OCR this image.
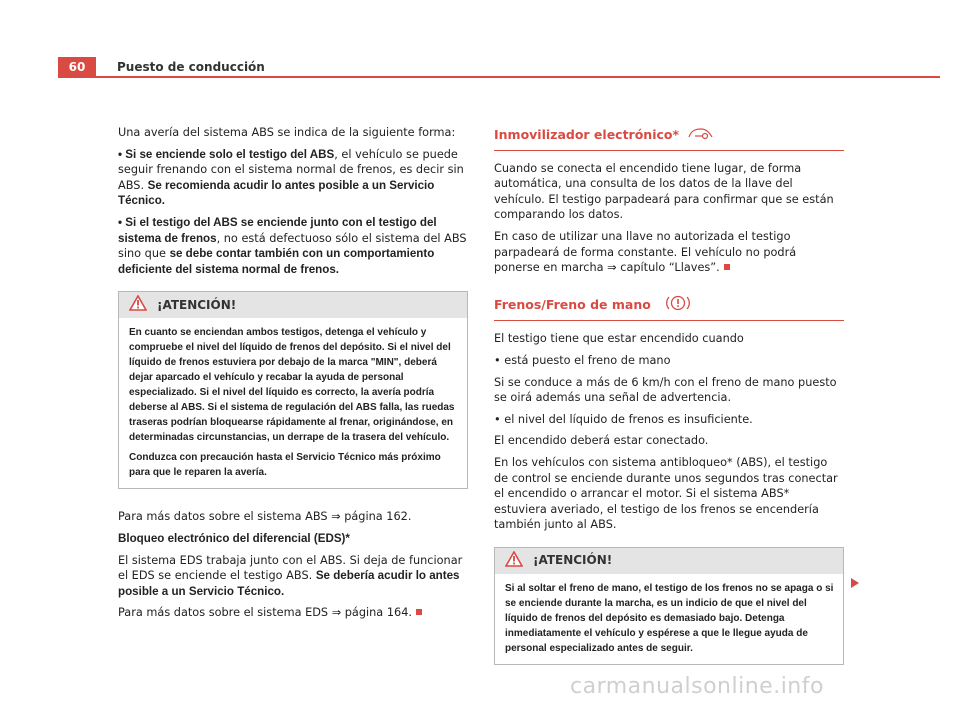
60	Puesto de conducción

Una avería del sistema ABS se indica de la siguiente forma:

• Si se enciende solo el testigo del ABS, el vehículo se puede seguir frenando con el sistema normal de frenos, es decir sin ABS. Se recomienda acudir lo antes posible a un Servicio Técnico.

• Si el testigo del ABS se enciende junto con el testigo del sistema de frenos, no está defectuoso sólo el sistema del ABS sino que se debe contar también con un comportamiento deficiente del sistema normal de frenos.

¡ATENCIÓN!

En cuanto se enciendan ambos testigos, detenga el vehículo y compruebe el nivel del líquido de frenos del depósito. Si el nivel del líquido de frenos estuviera por debajo de la marca "MIN", deberá dejar aparcado el vehículo y recabar la ayuda de personal especializado. Si el nivel del líquido es correcto, la avería podría deberse al ABS. Si el sistema de regulación del ABS falla, las ruedas traseras podrían bloquearse rápidamente al frenar, originándose, en determinadas circunstancias, un derrape de la trasera del vehículo.

Conduzca con precaución hasta el Servicio Técnico más próximo para que le reparen la avería.

Para más datos sobre el sistema ABS ⇒ página 162.

Bloqueo electrónico del diferencial (EDS)*

El sistema EDS trabaja junto con el ABS. Si deja de funcionar el EDS se enciende el testigo ABS. Se debería acudir lo antes posible a un Servicio Técnico.

Para más datos sobre el sistema EDS ⇒ página 164.

Inmovilizador electrónico*

Cuando se conecta el encendido tiene lugar, de forma automática, una consulta de los datos de la llave del vehículo. El testigo parpadeará para confirmar que se están comparando los datos.

En caso de utilizar una llave no autorizada el testigo parpadeará de forma constante. El vehículo no podrá ponerse en marcha ⇒ capítulo “Llaves”.

Frenos/Freno de mano

El testigo tiene que estar encendido cuando

• está puesto el freno de mano

Si se conduce a más de 6 km/h con el freno de mano puesto se oirá además una señal de advertencia.

• el nivel del líquido de frenos es insuficiente.

El encendido deberá estar conectado.

En los vehículos con sistema antibloqueo* (ABS), el testigo de control se enciende durante unos segundos tras conectar el encendido o arrancar el motor. Si el sistema ABS* estuviera averiado, el testigo de los frenos se encendería también junto al ABS.

¡ATENCIÓN!

Si al soltar el freno de mano, el testigo de los frenos no se apaga o si se enciende durante la marcha, es un indicio de que el nivel del líquido de frenos del depósito es demasiado bajo. Detenga inmediatamente el vehículo y espérese a que le llegue ayuda de personal especializado antes de seguir.

carmanualsonline.info
